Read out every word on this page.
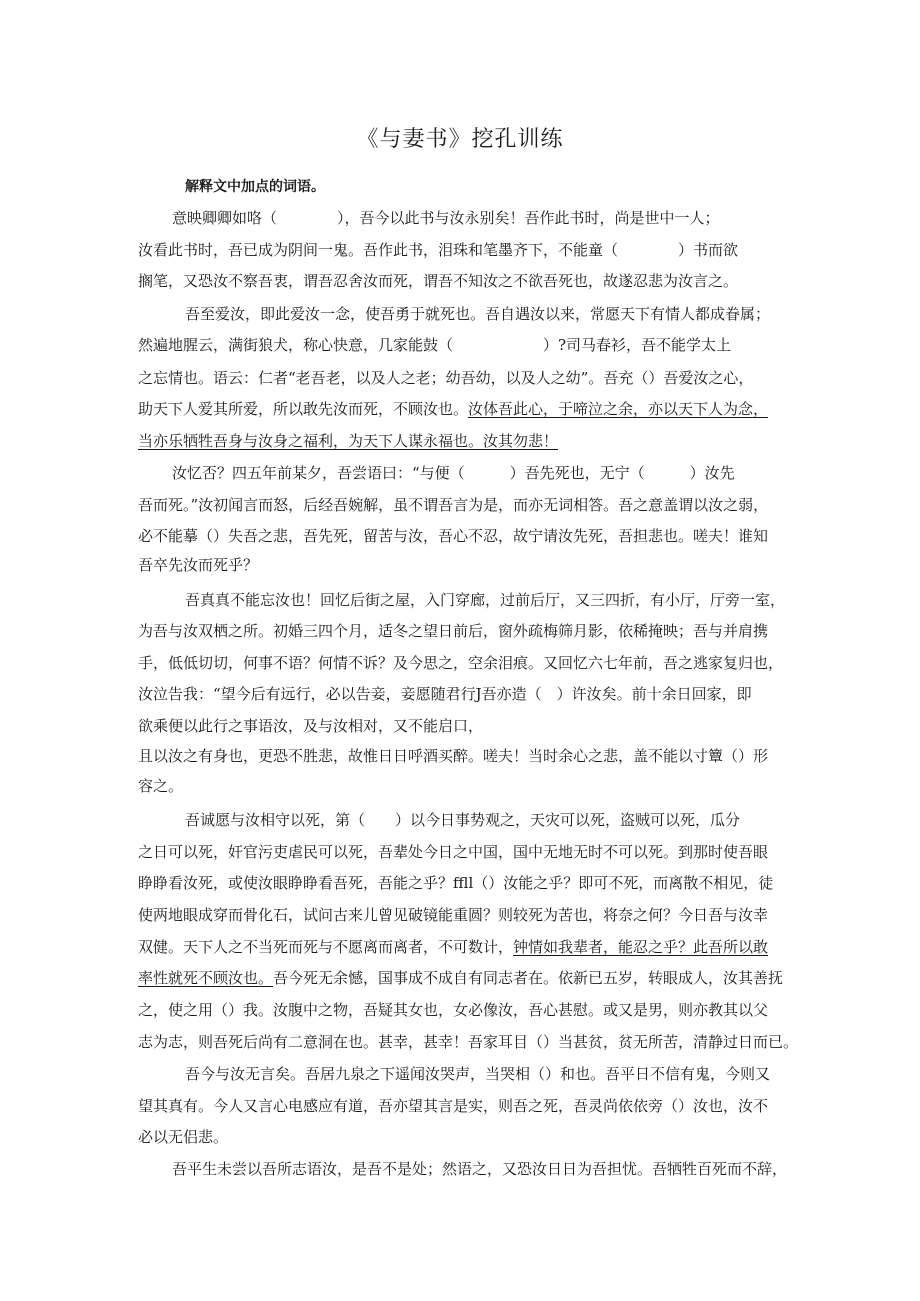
《与妻书》挖孔训练
解释文中加点的词语。
意映卿卿如咯（　　　　），吾今以此书与汝永别矣！吾作此书时，尚是世中一人；
汝看此书时，吾已成为阴间一鬼。吾作此书，泪珠和笔墨齐下，不能童（　　　　）书而欲
搁笔，又恐汝不察吾衷，谓吾忍舍汝而死，谓吾不知汝之不欲吾死也，故遂忍悲为汝言之。
吾至爱汝，即此爱汝一念，使吾勇于就死也。吾自遇汝以来，常愿天下有情人都成眷属；
然遍地腥云，满街狼犬，称心快意，几家能鼓（　　　　　　）?司马春衫，吾不能学太上
之忘情也。语云：仁者“老吾老，以及人之老；幼吾幼，以及人之幼”。吾充（）吾爱汝之心，
助天下人爱其所爱，所以敢先汝而死，不顾汝也。汝体吾此心，于啼泣之余，亦以天下人为念，
当亦乐牺牲吾身与汝身之福利，为天下人谋永福也。汝其勿悲！
汝忆否？四五年前某夕，吾尝语曰：“与便（　　　）吾先死也，无宁（　　　）汝先
吾而死。”汝初闻言而怒，后经吾婉解，虽不谓吾言为是，而亦无词相答。吾之意盖谓以汝之弱，
必不能摹（）失吾之悲，吾先死，留苦与汝，吾心不忍，故宁请汝先死，吾担悲也。嗟夫！谁知
吾卒先汝而死乎？
吾真真不能忘汝也！回忆后街之屋，入门穿廊，过前后厅，又三四折，有小厅，厅旁一室，
为吾与汝双栖之所。初婚三四个月，适冬之望日前后，窗外疏梅筛月影，依稀掩映；吾与并肩携
手，低低切切，何事不语？何情不诉？及今思之，空余泪痕。又回忆六七年前，吾之逃家复归也，
汝泣告我：“望今后有远行，必以告妾，妾愿随君行J吾亦造（　）许汝矣。前十余日回家，即
欲乘便以此行之事语汝，及与汝相对，又不能启口，
且以汝之有身也，更恐不胜悲，故惟日日呼酒买醉。嗟夫！当时余心之悲，盖不能以寸簟（）形
容之。
吾诚愿与汝相守以死，第（　　）以今日事势观之，天灾可以死，盗贼可以死，瓜分
之日可以死，奸官污吏虐民可以死，吾辈处今日之中国，国中无地无时不可以死。到那时使吾眼
睁睁看汝死，或使汝眼睁睁看吾死，吾能之乎？ffll（）汝能之乎？即可不死，而离散不相见，徒
使两地眼成穿而骨化石，试问古来儿曾见破镜能重圆？则较死为苦也，将奈之何？今日吾与汝幸
双健。天下人之不当死而死与不愿离而离者，不可数计，钟情如我辈者，能忍之乎？此吾所以敢
率性就死不顾汝也。吾今死无余憾，国事成不成自有同志者在。依新已五岁，转眼成人，汝其善抚
之，使之用（）我。汝腹中之物，吾疑其女也，女必像汝，吾心甚慰。或又是男，则亦教其以父
志为志，则吾死后尚有二意洞在也。甚幸，甚幸！吾家耳目（）当甚贫，贫无所苦，清静过日而已。
吾今与汝无言矣。吾居九泉之下遥闻汝哭声，当哭相（）和也。吾平日不信有鬼，今则又
望其真有。今人又言心电感应有道，吾亦望其言是实，则吾之死，吾灵尚依依旁（）汝也，汝不
必以无侣悲。
吾平生未尝以吾所志语汝，是吾不是处；然语之，又恐汝日日为吾担忧。吾牺牲百死而不辞，
